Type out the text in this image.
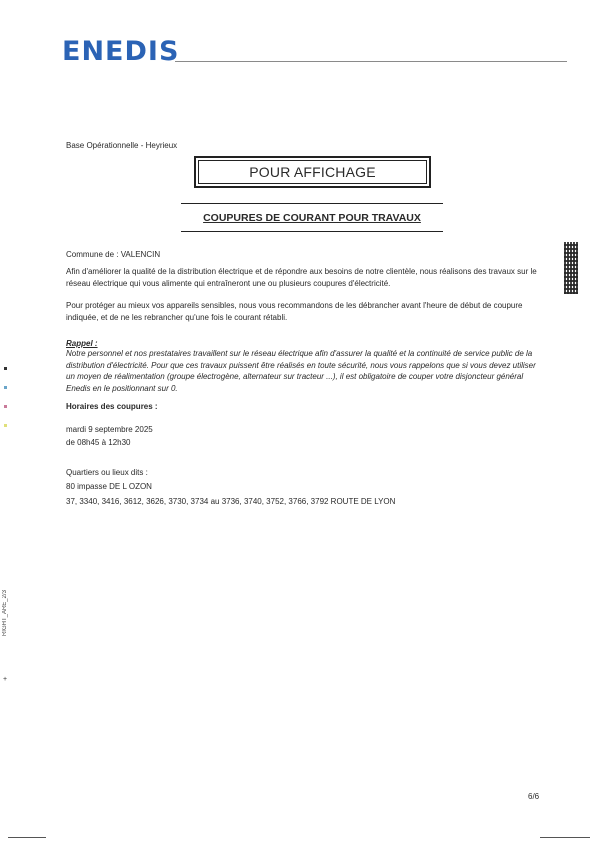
ENEDIS
Base Opérationnelle - Heyrieux
POUR AFFICHAGE
COUPURES DE COURANT POUR TRAVAUX
Commune de : VALENCIN
Afin d'améliorer la qualité de la distribution électrique et de répondre aux besoins de notre clientèle, nous réalisons des travaux sur le réseau électrique qui vous alimente qui entraîneront une ou plusieurs coupures d'électricité.
Pour protéger au mieux vos appareils sensibles, nous vous recommandons de les débrancher avant l'heure de début de coupure indiquée, et de ne les rebrancher qu'une fois le courant rétabli.
Rappel :
Notre personnel et nos prestataires travaillent sur le réseau électrique afin d'assurer la qualité et la continuité de service public de la distribution d'électricité. Pour que ces travaux puissent être réalisés en toute sécurité, nous vous rappelons que si vous devez utiliser un moyen de réalimentation (groupe électrogène, alternateur sur tracteur ...), il est obligatoire de couper votre disjoncteur général Enedis en le positionnant sur 0.
Horaires des coupures :
mardi 9 septembre 2025
de 08h45 à 12h30
Quartiers ou lieux dits :
80 impasse DE L OZON
37, 3340, 3416, 3612, 3626, 3730, 3734 au 3736, 3740, 3752, 3766, 3792 ROUTE DE LYON
RIGHT_ARE_2/3
+
6/6
